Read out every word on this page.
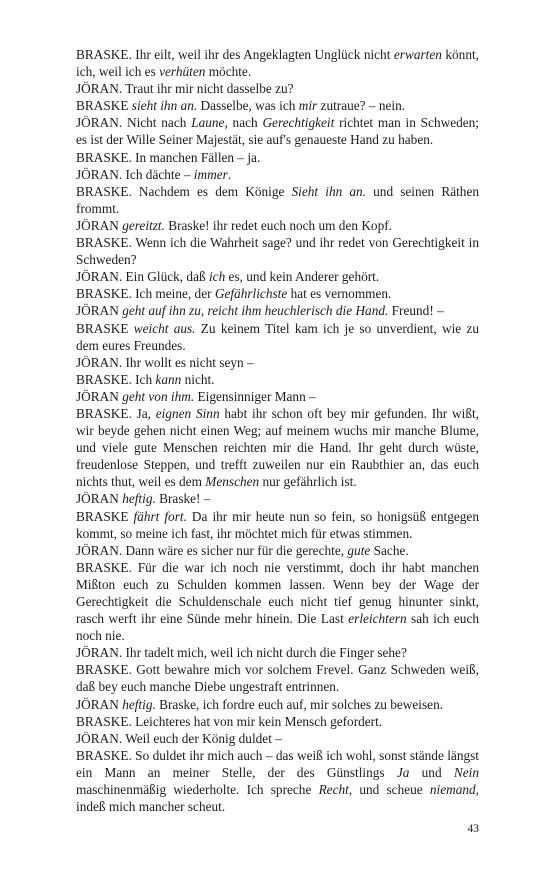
BRASKE. Ihr eilt, weil ihr des Angeklagten Unglück nicht erwarten könnt, ich, weil ich es verhüten möchte.

JÖRAN. Traut ihr mir nicht dasselbe zu?

BRASKE sieht ihn an. Dasselbe, was ich mir zutraue? – nein.

JÖRAN. Nicht nach Laune, nach Gerechtigkeit richtet man in Schweden; es ist der Wille Seiner Majestät, sie auf's genaueste Hand zu haben.

BRASKE. In manchen Fällen – ja.

JÖRAN. Ich dächte – immer.

BRASKE. Nachdem es dem Könige Sieht ihn an. und seinen Räthen frommt.

JÖRAN gereitzt. Braske! ihr redet euch noch um den Kopf.

BRASKE. Wenn ich die Wahrheit sage? und ihr redet von Gerechtigkeit in Schweden?

JÖRAN. Ein Glück, daß ich es, und kein Anderer gehört.

BRASKE. Ich meine, der Gefährlichste hat es vernommen.

JÖRAN geht auf ihn zu, reicht ihm heuchlerisch die Hand. Freund! –

BRASKE weicht aus. Zu keinem Titel kam ich je so unverdient, wie zu dem eures Freundes.

JÖRAN. Ihr wollt es nicht seyn –

BRASKE. Ich kann nicht.

JÖRAN geht von ihm. Eigensinniger Mann –

BRASKE. Ja, eignen Sinn habt ihr schon oft bey mir gefunden. Ihr wißt, wir beyde gehen nicht einen Weg; auf meinem wuchs mir manche Blume, und viele gute Menschen reichten mir die Hand. Ihr geht durch wüste, freudenlose Steppen, und trefft zuweilen nur ein Raubthier an, das euch nichts thut, weil es dem Menschen nur gefährlich ist.

JÖRAN heftig. Braske! –

BRASKE fährt fort. Da ihr mir heute nun so fein, so honigsüß entgegen kommt, so meine ich fast, ihr möchtet mich für etwas stimmen.

JÖRAN. Dann wäre es sicher nur für die gerechte, gute Sache.

BRASKE. Für die war ich noch nie verstimmt, doch ihr habt manchen Mißton euch zu Schulden kommen lassen. Wenn bey der Wage der Gerechtigkeit die Schuldenschale euch nicht tief genug hinunter sinkt, rasch werft ihr eine Sünde mehr hinein. Die Last erleichtern sah ich euch noch nie.

JÖRAN. Ihr tadelt mich, weil ich nicht durch die Finger sehe?

BRASKE. Gott bewahre mich vor solchem Frevel. Ganz Schweden weiß, daß bey euch manche Diebe ungestraft entrinnen.

JÖRAN heftig. Braske, ich fordre euch auf, mir solches zu beweisen.

BRASKE. Leichteres hat von mir kein Mensch gefordert.

JÖRAN. Weil euch der König duldet –

BRASKE. So duldet ihr mich auch – das weiß ich wohl, sonst stände längst ein Mann an meiner Stelle, der des Günstlings Ja und Nein maschinenmäßig wiederholte. Ich spreche Recht, und scheue niemand, indeß mich mancher scheut.

43
